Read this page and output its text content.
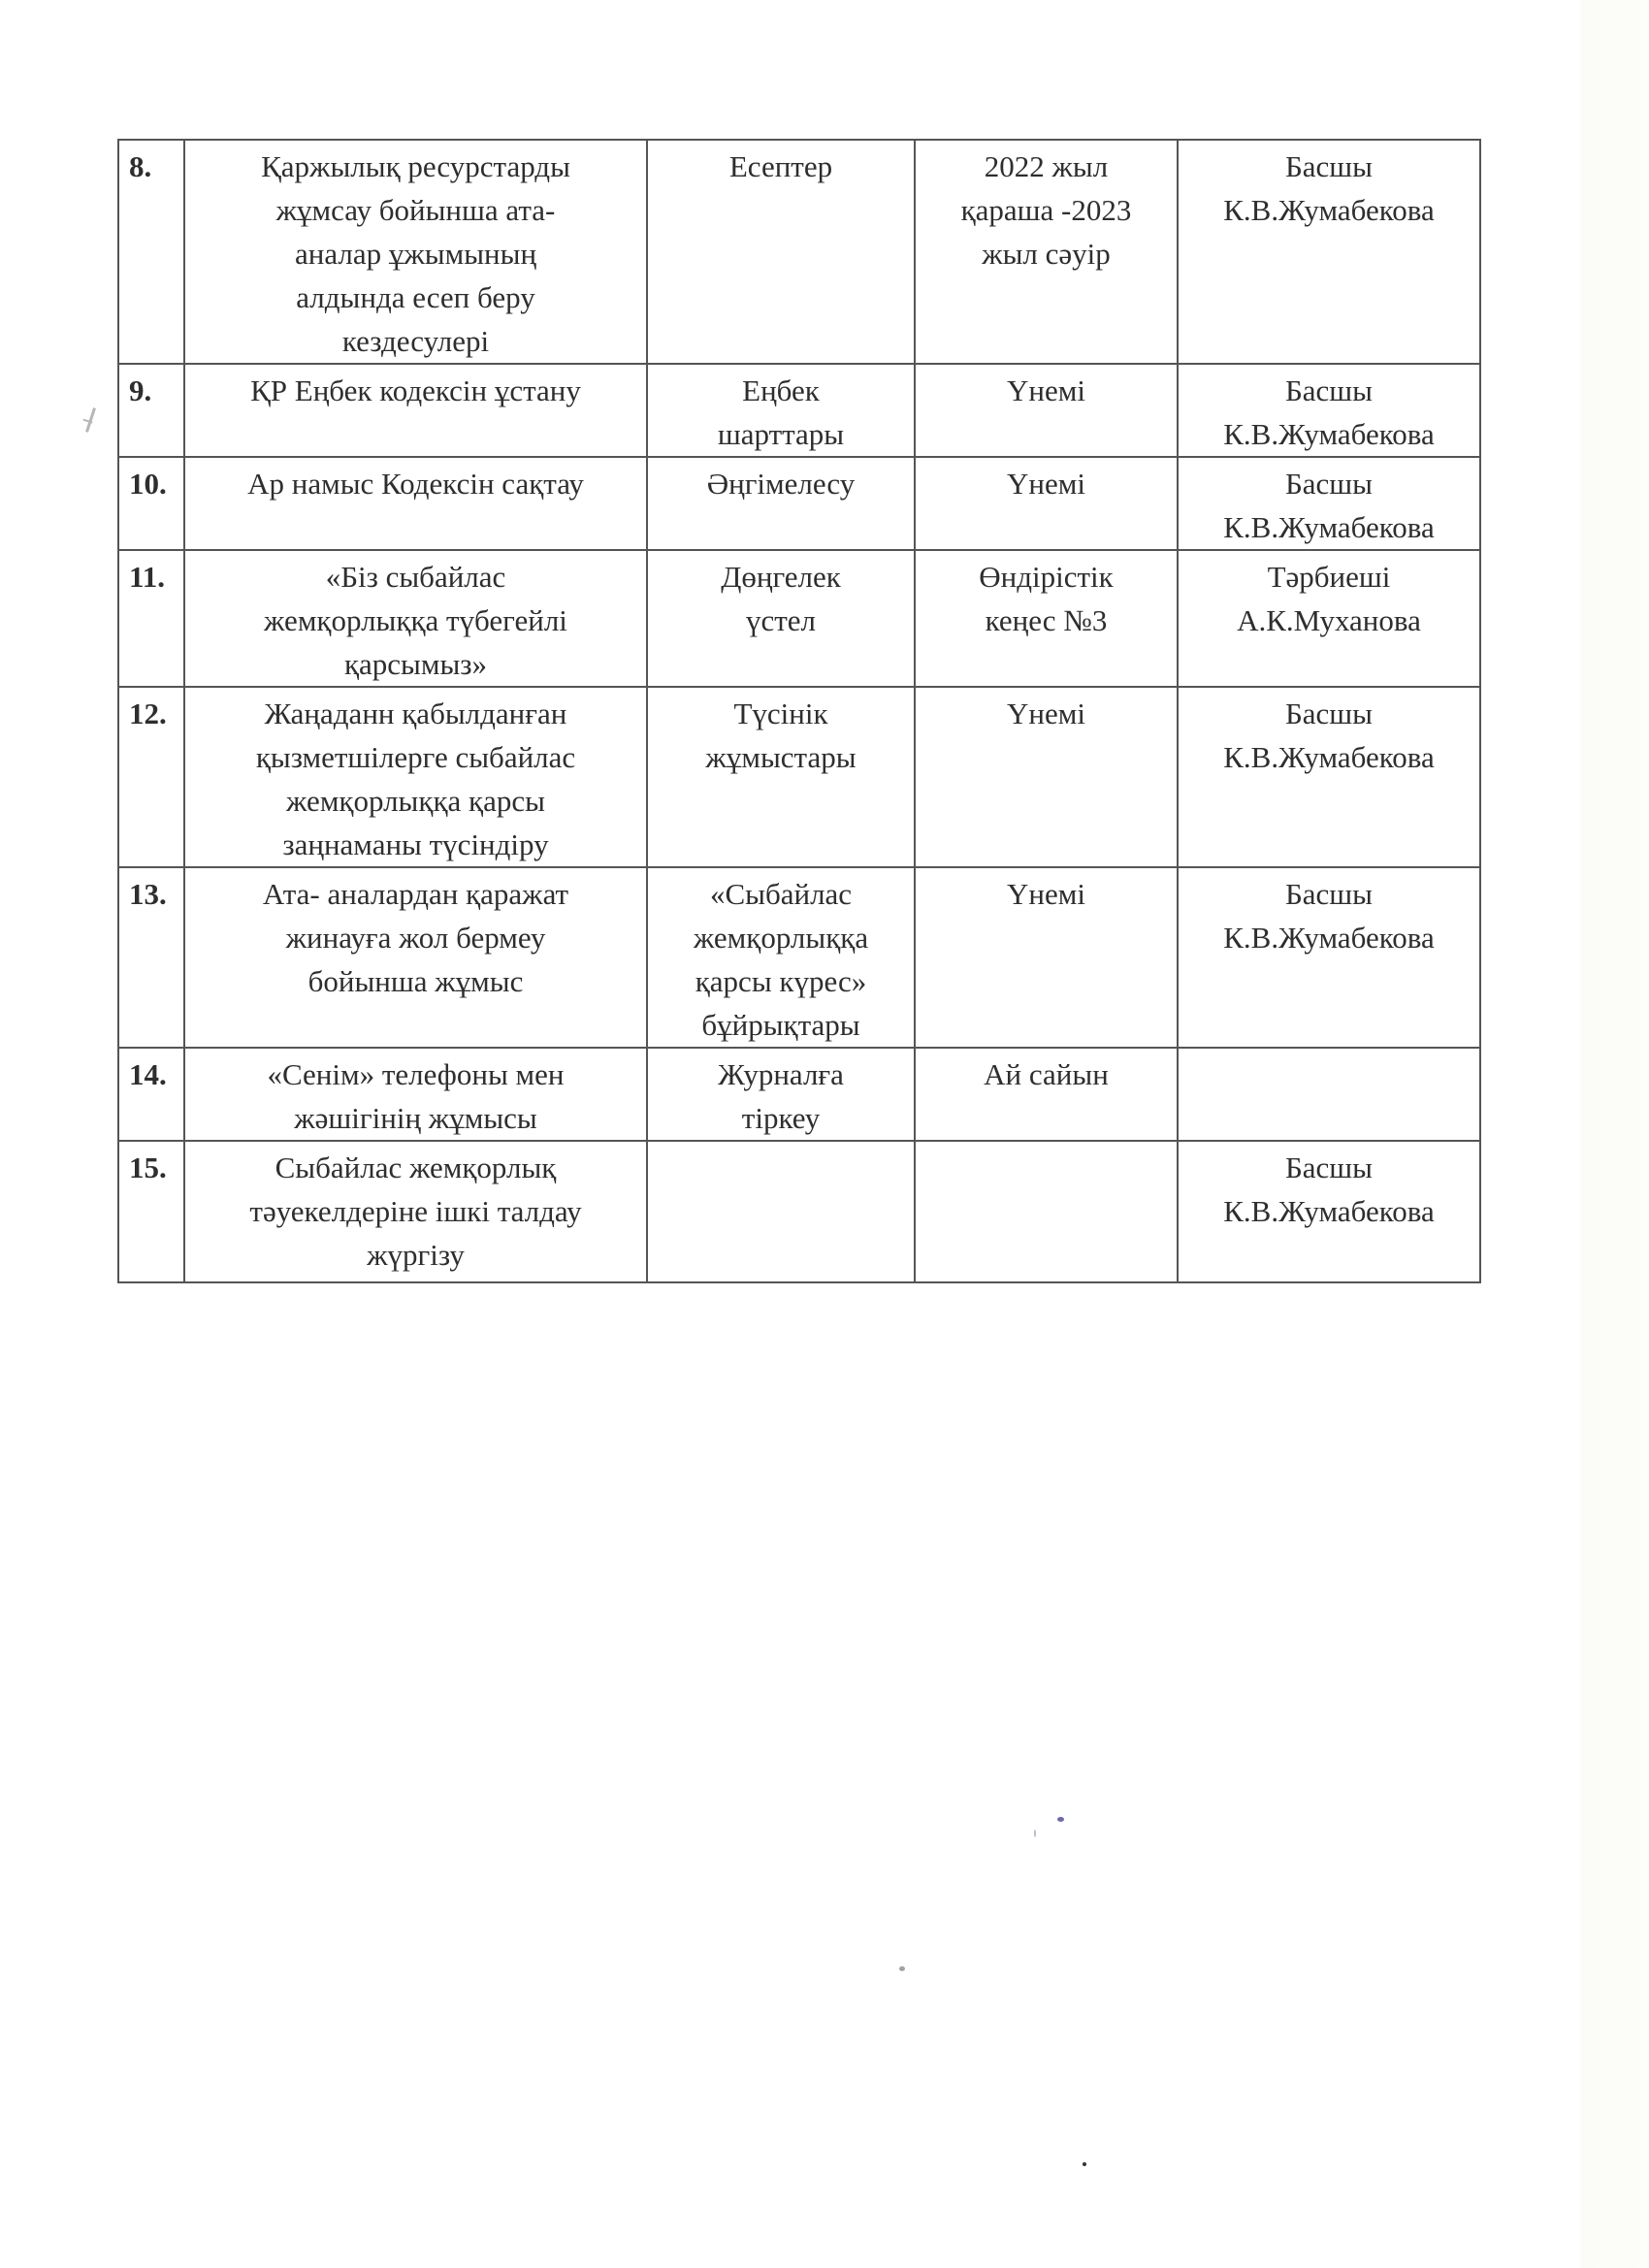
8.	Қаржылық ресурстарды
жұмсау бойынша ата-
аналар ұжымының
алдында есеп беру
кездесулері	Есептер	2022 жыл
қараша -2023
жыл сәуір	Басшы
К.В.Жумабекова

9.	ҚР Еңбек кодексін ұстану	Еңбек
шарттары	Үнемі	Басшы
К.В.Жумабекова

10.	Ар намыс Кодексін сақтау	Әңгімелесу	Үнемі	Басшы
К.В.Жумабекова

11.	«Біз сыбайлас
жемқорлыққа түбегейлі
қарсымыз»	Дөңгелек
үстел	Өндірістік
кеңес №3	Тәрбиеші
А.К.Муханова

12.	Жаңаданн қабылданған
қызметшілерге сыбайлас
жемқорлыққа қарсы
заңнаманы түсіндіру	Түсінік
жұмыстары	Үнемі	Басшы
К.В.Жумабекова

13.	Ата- аналардан қаражат
жинауға жол бермеу
бойынша жұмыс	«Сыбайлас
жемқорлыққа
қарсы күрес»
бұйрықтары	Үнемі	Басшы
К.В.Жумабекова

14.	«Сенім» телефоны мен
жәшігінің жұмысы	Журналға
тіркеу	Ай сайын	

15.	Сыбайлас жемқорлық
тәуекелдеріне ішкі талдау
жүргізу			Басшы
К.В.Жумабекова
